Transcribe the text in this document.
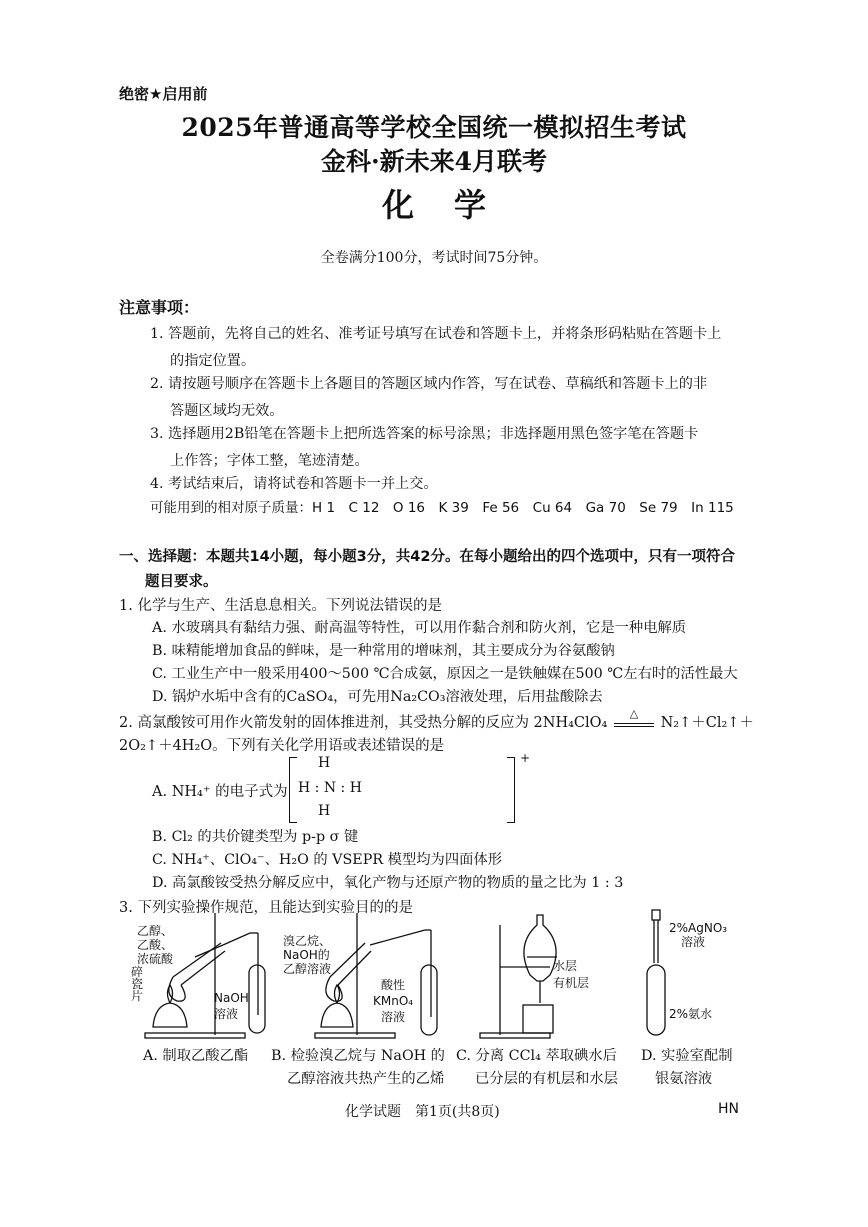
绝密★启用前
2025年普通高等学校全国统一模拟招生考试
金科·新未来4月联考
化学
全卷满分100分，考试时间75分钟。
注意事项：
1. 答题前，先将自己的姓名、准考证号填写在试卷和答题卡上，并将条形码粘贴在答题卡上
的指定位置。
2. 请按题号顺序在答题卡上各题目的答题区域内作答，写在试卷、草稿纸和答题卡上的非
答题区域均无效。
3. 选择题用2B铅笔在答题卡上把所选答案的标号涂黑；非选择题用黑色签字笔在答题卡
上作答；字体工整，笔迹清楚。
4. 考试结束后，请将试卷和答题卡一并上交。
可能用到的相对原子质量：H 1　C 12　O 16　K 39　Fe 56　Cu 64　Ga 70　Se 79　In 115
一、选择题：本题共14小题，每小题3分，共42分。在每小题给出的四个选项中，只有一项符合
题目要求。
1. 化学与生产、生活息息相关。下列说法错误的是
A. 水玻璃具有黏结力强、耐高温等特性，可以用作黏合剂和防火剂，它是一种电解质
B. 味精能增加食品的鲜味，是一种常用的增味剂，其主要成分为谷氨酸钠
C. 工业生产中一般采用400～500 ℃合成氨，原因之一是铁触媒在500 ℃左右时的活性最大
D. 锅炉水垢中含有的CaSO₄，可先用Na₂CO₃溶液处理，后用盐酸除去
2. 高氯酸铵可用作火箭发射的固体推进剂，其受热分解的反应为 2NH₄ClO₄ △
N₂↑＋Cl₂↑＋
2O₂↑＋4H₂O。下列有关化学用语或表述错误的是
A. NH₄⁺ 的电子式为
H
H : N : H
H
+
B. Cl₂ 的共价键类型为 p-p σ 键
C. NH₄⁺、ClO₄⁻、H₂O 的 VSEPR 模型均为四面体形
D. 高氯酸铵受热分解反应中，氧化产物与还原产物的物质的量之比为 1 : 3
3. 下列实验操作规范，且能达到实验目的的是
乙醇、
乙酸、
浓硫酸
碎瓷片	NaOH
溶液
溴乙烷、
NaOH的
乙醇溶液
酸性
KMnO₄
溶液
水层
有机层
2%AgNO₃
溶液
2%氨水
A. 制取乙酸乙酯 B. 检验溴乙烷与 NaOH 的
乙醇溶液共热产生的乙烯
C. 分离 CCl₄ 萃取碘水后
已分层的有机层和水层
D. 实验室配制
银氨溶液
化学试题　第1页(共8页)	HN
